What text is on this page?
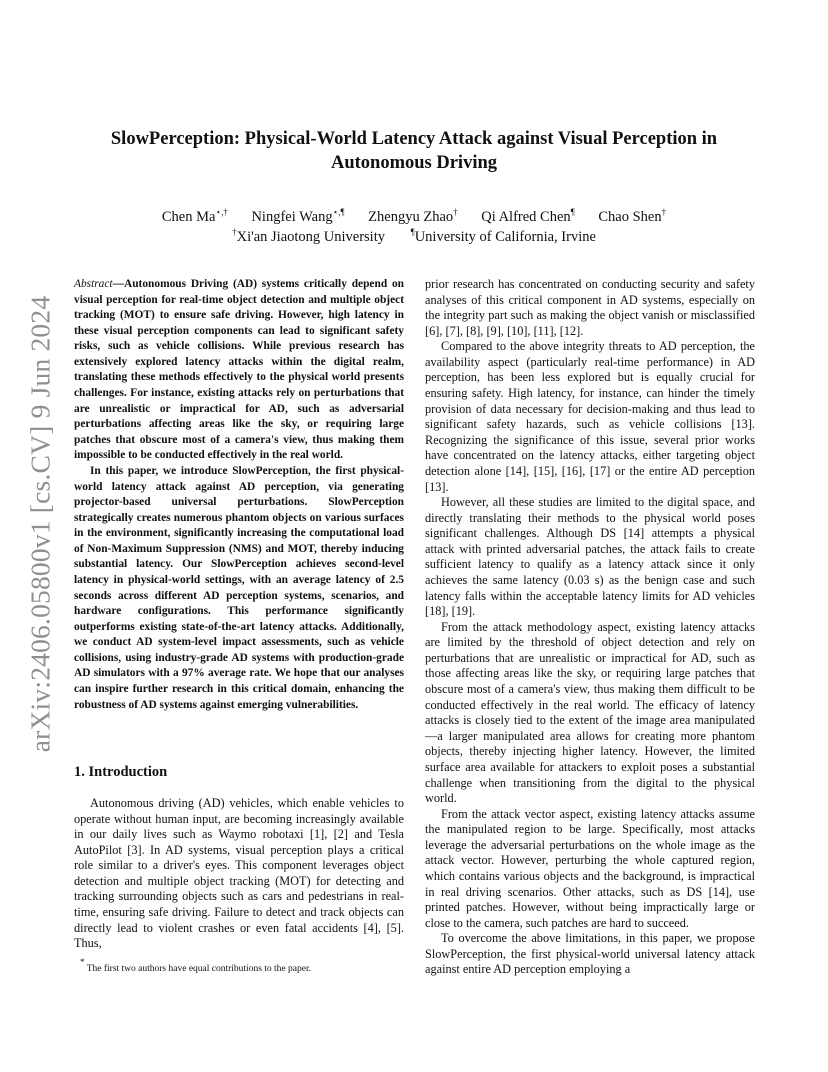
arXiv:2406.05800v1 [cs.CV] 9 Jun 2024
SlowPerception: Physical-World Latency Attack against Visual Perception in Autonomous Driving
Chen Ma⋆,† Ningfei Wang⋆,¶ Zhengyu Zhao† Qi Alfred Chen¶ Chao Shen†
†Xi'an Jiaotong University	¶University of California, Irvine

Abstract—Autonomous Driving (AD) systems critically depend on visual perception for real-time object detection and multiple object tracking (MOT) to ensure safe driving. However, high latency in these visual perception components can lead to significant safety risks, such as vehicle collisions. While previous research has extensively explored latency attacks within the digital realm, translating these methods effectively to the physical world presents challenges. For instance, existing attacks rely on perturbations that are unrealistic or impractical for AD, such as adversarial perturbations affecting areas like the sky, or requiring large patches that obscure most of a camera's view, thus making them impossible to be conducted effectively in the real world.

In this paper, we introduce SlowPerception, the first physical-world latency attack against AD perception, via generating projector-based universal perturbations. SlowPerception strategically creates numerous phantom objects on various surfaces in the environment, significantly increasing the computational load of Non-Maximum Suppression (NMS) and MOT, thereby inducing substantial latency. Our SlowPerception achieves second-level latency in physical-world settings, with an average latency of 2.5 seconds across different AD perception systems, scenarios, and hardware configurations. This performance significantly outperforms existing state-of-the-art latency attacks. Additionally, we conduct AD system-level impact assessments, such as vehicle collisions, using industry-grade AD systems with production-grade AD simulators with a 97% average rate. We hope that our analyses can inspire further research in this critical domain, enhancing the robustness of AD systems against emerging vulnerabilities.

1. Introduction

Autonomous driving (AD) vehicles, which enable vehicles to operate without human input, are becoming increasingly available in our daily lives such as Waymo robotaxi [1], [2] and Tesla AutoPilot [3]. In AD systems, visual perception plays a critical role similar to a driver's eyes. This component leverages object detection and multiple object tracking (MOT) for detecting and tracking surrounding objects such as cars and pedestrians in real-time, ensuring safe driving. Failure to detect and track objects can directly lead to violent crashes or even fatal accidents [4], [5]. Thus,

prior research has concentrated on conducting security and safety analyses of this critical component in AD systems, especially on the integrity part such as making the object vanish or misclassified [6], [7], [8], [9], [10], [11], [12].

Compared to the above integrity threats to AD perception, the availability aspect (particularly real-time performance) in AD perception, has been less explored but is equally crucial for ensuring safety. High latency, for instance, can hinder the timely provision of data necessary for decision-making and thus lead to significant safety hazards, such as vehicle collisions [13]. Recognizing the significance of this issue, several prior works have concentrated on the latency attacks, either targeting object detection alone [14], [15], [16], [17] or the entire AD perception [13].

However, all these studies are limited to the digital space, and directly translating their methods to the physical world poses significant challenges. Although DS [14] attempts a physical attack with printed adversarial patches, the attack fails to create sufficient latency to qualify as a latency attack since it only achieves the same latency (0.03 s) as the benign case and such latency falls within the acceptable latency limits for AD vehicles [18], [19].

From the attack methodology aspect, existing latency attacks are limited by the threshold of object detection and rely on perturbations that are unrealistic or impractical for AD, such as those affecting areas like the sky, or requiring large patches that obscure most of a camera's view, thus making them difficult to be conducted effectively in the real world. The efficacy of latency attacks is closely tied to the extent of the image area manipulated—a larger manipulated area allows for creating more phantom objects, thereby injecting higher latency. However, the limited surface area available for attackers to exploit poses a substantial challenge when transitioning from the digital to the physical world.

From the attack vector aspect, existing latency attacks assume the manipulated region to be large. Specifically, most attacks leverage the adversarial perturbations on the whole image as the attack vector. However, perturbing the whole captured region, which contains various objects and the background, is impractical in real driving scenarios. Other attacks, such as DS [14], use printed patches. However, without being impractically large or close to the camera, such patches are hard to succeed.

To overcome the above limitations, in this paper, we propose SlowPerception, the first physical-world universal latency attack against entire AD perception employing a

* The first two authors have equal contributions to the paper.
